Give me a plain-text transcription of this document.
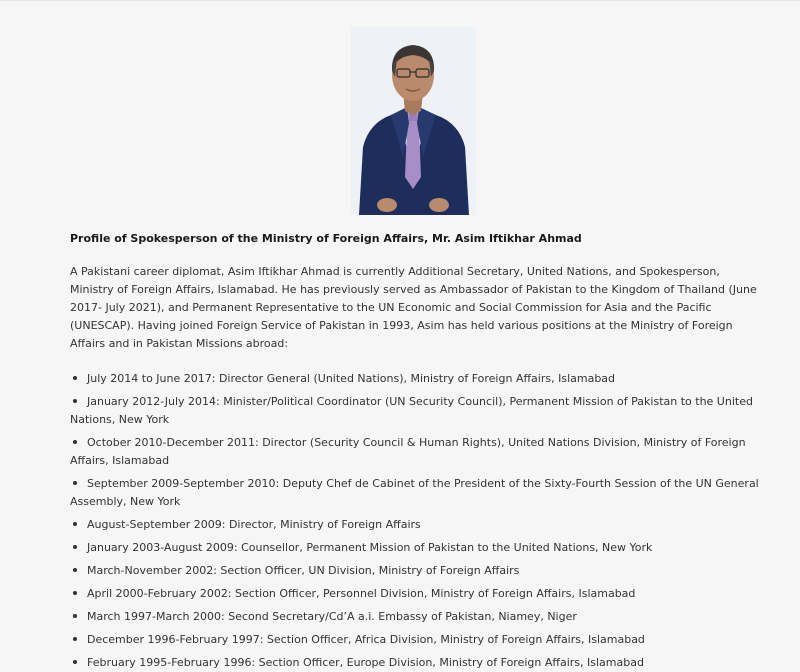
Profile of Spokesperson of the Ministry of Foreign Affairs, Mr. Asim Iftikhar Ahmad

A Pakistani career diplomat, Asim Iftikhar Ahmad is currently Additional Secretary, United Nations, and Spokesperson, Ministry of Foreign Affairs, Islamabad. He has previously served as Ambassador of Pakistan to the Kingdom of Thailand (June 2017- July 2021), and Permanent Representative to the UN Economic and Social Commission for Asia and the Pacific (UNESCAP). Having joined Foreign Service of Pakistan in 1993, Asim has held various positions at the Ministry of Foreign Affairs and in Pakistan Missions abroad:

July 2014 to June 2017: Director General (United Nations), Ministry of Foreign Affairs, Islamabad
January 2012-July 2014: Minister/Political Coordinator (UN Security Council), Permanent Mission of Pakistan to the United Nations, New York
October 2010-December 2011: Director (Security Council & Human Rights), United Nations Division, Ministry of Foreign Affairs, Islamabad
September 2009-September 2010: Deputy Chef de Cabinet of the President of the Sixty-Fourth Session of the UN General Assembly, New York
August-September 2009: Director, Ministry of Foreign Affairs
January 2003-August 2009: Counsellor, Permanent Mission of Pakistan to the United Nations, New York
March-November 2002: Section Officer, UN Division, Ministry of Foreign Affairs
April 2000-February 2002: Section Officer, Personnel Division, Ministry of Foreign Affairs, Islamabad
March 1997-March 2000: Second Secretary/Cd’A a.i. Embassy of Pakistan, Niamey, Niger
December 1996-February 1997: Section Officer, Africa Division, Ministry of Foreign Affairs, Islamabad
February 1995-February 1996: Section Officer, Europe Division, Ministry of Foreign Affairs, Islamabad
